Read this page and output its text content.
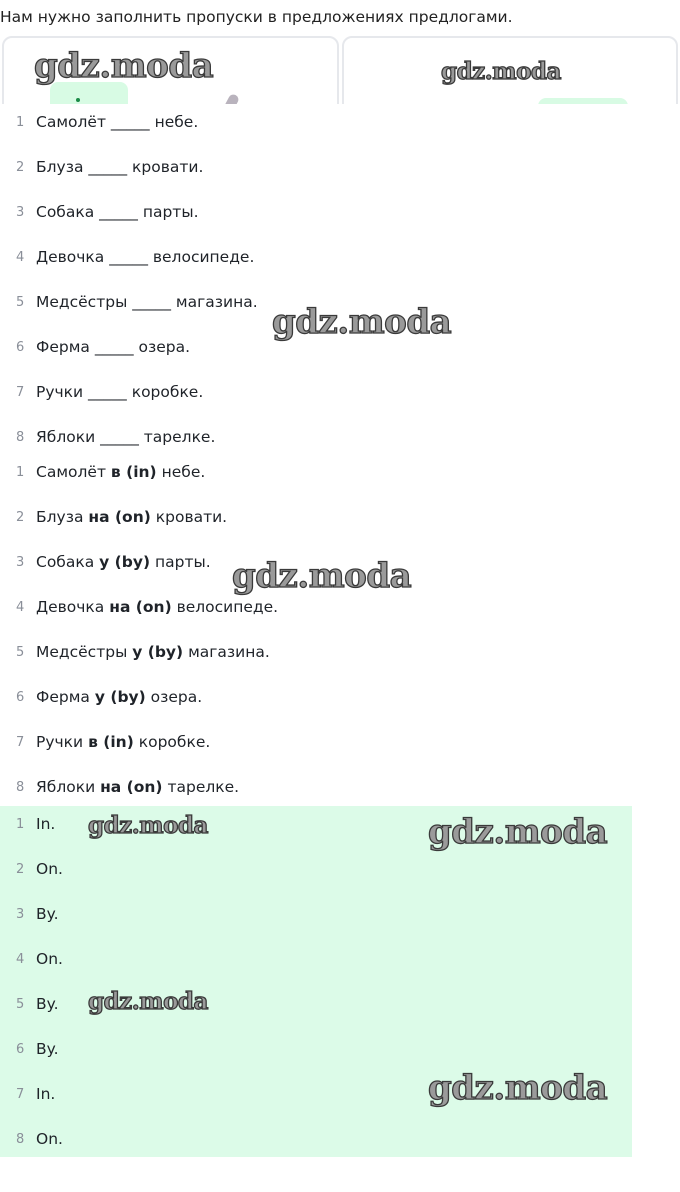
Нам нужно заполнить пропуски в предложениях предлогами.

gdz.moda	gdz.moda
1 Самолёт _____ небе.
2 Блуза _____ кровати.
3 Собака _____ парты.
4 Девочка _____ велосипеде.
5 Медсёстры _____ магазина.
6 Ферма _____ озера.
7 Ручки _____ коробке.
8 Яблоки _____ тарелке.
1 Самолёт в (in) небе.
2 Блуза на (on) кровати.
3 Собака у (by) парты.
4 Девочка на (on) велосипеде.
5 Медсёстры у (by) магазина.
6 Ферма у (by) озера.
7 Ручки в (in) коробке.
8 Яблоки на (on) тарелке.
1 In.
2 On.
3 By.
4 On.
5 By.
6 By.
7 In.
8 On.
gdz.moda
gdz.moda
gdz.moda	gdz.moda
gdz.moda
gdz.moda
